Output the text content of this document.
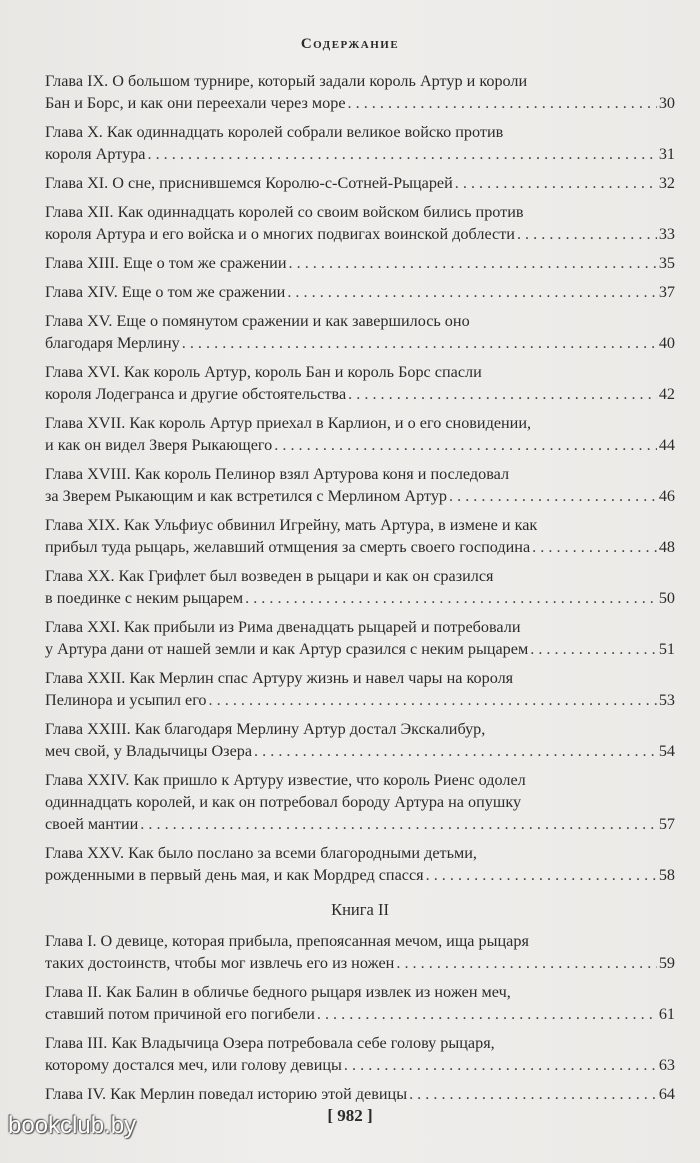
Содержание
Глава IX. О большом турнире, который задали король Артур и короли
Бан и Борс, и как они переехали через море . . .	30
Глава X. Как одиннадцать королей собрали великое войско против
короля Артура . . .	31
Глава XI. О сне, приснившемся Королю-с-Сотней-Рыцарей . . .	32
Глава XII. Как одиннадцать королей со своим войском бились против
короля Артура и его войска и о многих подвигах воинской доблести . . .	33
Глава XIII. Еще о том же сражении . . .	35
Глава XIV. Еще о том же сражении . . .	37
Глава XV. Еще о помянутом сражении и как завершилось оно
благодаря Мерлину . . .	40
Глава XVI. Как король Артур, король Бан и король Борс спасли
короля Лодегранса и другие обстоятельства . . .	42
Глава XVII. Как король Артур приехал в Карлион, и о его сновидении,
и как он видел Зверя Рыкающего . . .	44
Глава XVIII. Как король Пелинор взял Артурова коня и последовал
за Зверем Рыкающим и как встретился с Мерлином Артур . . .	46
Глава XIX. Как Ульфиус обвинил Игрейну, мать Артура, в измене и как
прибыл туда рыцарь, желавший отмщения за смерть своего господина . . .	48
Глава XX. Как Грифлет был возведен в рыцари и как он сразился
в поединке с неким рыцарем . . .	50
Глава XXI. Как прибыли из Рима двенадцать рыцарей и потребовали
у Артура дани от нашей земли и как Артур сразился с неким рыцарем . . .	51
Глава XXII. Как Мерлин спас Артуру жизнь и навел чары на короля
Пелинора и усыпил его . . .	53
Глава XXIII. Как благодаря Мерлину Артур достал Экскалибур,
меч свой, у Владычицы Озера . . .	54
Глава XXIV. Как пришло к Артуру известие, что король Риенс одолел
одиннадцать королей, и как он потребовал бороду Артура на опушку
своей мантии . . .	57
Глава XXV. Как было послано за всеми благородными детьми,
рожденными в первый день мая, и как Мордред спасся . . .	58
Книга II
Глава I. О девице, которая прибыла, препоясанная мечом, ища рыцаря
таких достоинств, чтобы мог извлечь его из ножен . . .	59
Глава II. Как Балин в обличье бедного рыцаря извлек из ножен меч,
ставший потом причиной его погибели . . .	61
Глава III. Как Владычица Озера потребовала себе голову рыцаря,
которому достался меч, или голову девицы . . .	63
Глава IV. Как Мерлин поведал историю этой девицы . . .	64
[ 982 ]
bookclub.by
